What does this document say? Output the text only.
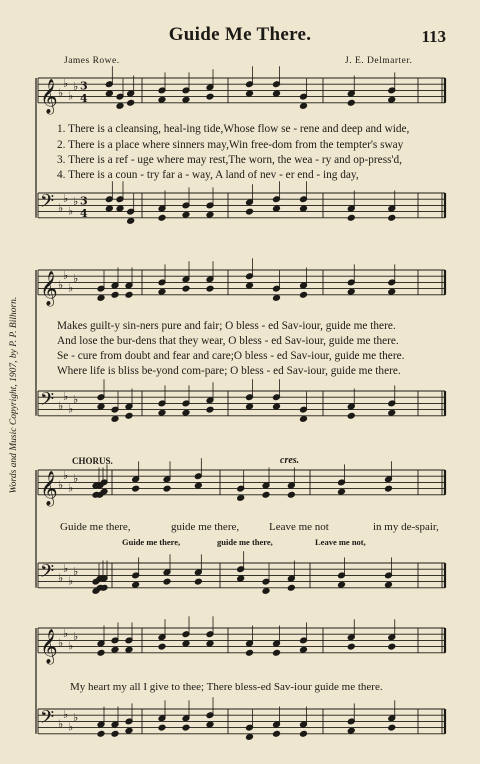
𝄞 ♭
♭
♭
♭ 3
4
𝄢 ♭
♭
♭
♭ 3
4
𝄞 ♭
♭
♭
♭
𝄢 ♭
♭
♭
♭
𝄞 ♭
♭
♭
♭
𝄢 ♭
♭
♭
♭
𝄞 ♭
♭
♭
♭
𝄢 ♭
♭
♭
♭
Guide Me There.	113
James Rowe.	J. E. Delmarter.
1. There is a cleansing, heal-ing tide,Whose flow se - rene and deep and wide,
2. There is a place where sinners may,Win free-dom from the tempter's sway
3. There is a ref - uge where may rest,The worn, the wea - ry and op-press'd,
4. There is a coun - try far a - way, A land of nev - er end - ing day,
Makes guilt-y sin-ners pure and fair; O bless - ed Sav-iour, guide me there.
And lose the bur-dens that they wear, O bless - ed Sav-iour, guide me there.
Se - cure from doubt and fear and care;O bless - ed Sav-iour, guide me there.
Where life is bliss be-yond com-pare; O bless - ed Sav-iour, guide me there.
CHORUS.	cres.
Guide me there,	guide me there,	Leave me not	in my de-spair,
Guide me there,	guide me there,	Leave me not,
My heart my all I give to thee; There bless-ed Sav-iour guide me there.
Words and Music Copyright, 1907, by P. P. Bilhorn.
